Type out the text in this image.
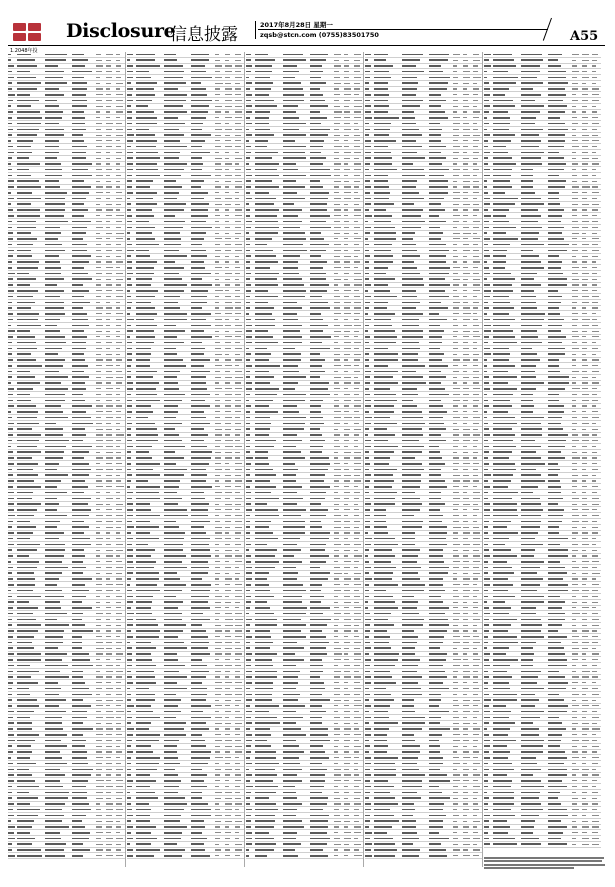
Disclosure
信息披露	2017年8月28日 星期一
zqsb@stcn.com (0755)83501750	A55
1.2048年投
